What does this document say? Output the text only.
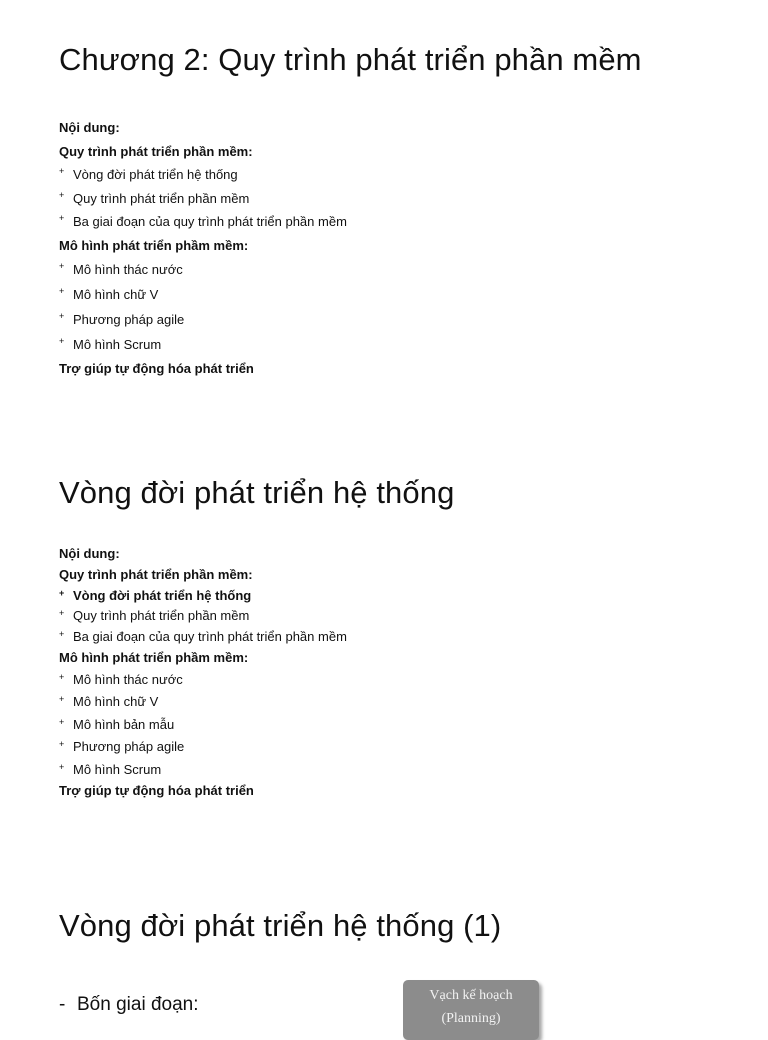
Chương 2: Quy trình phát triển phần mềm
Nội dung:
Quy trình phát triển phần mềm:
+ Vòng đời phát triển hệ thống
+ Quy trình phát triển phần mềm
+ Ba giai đoạn của quy trình phát triển phần mềm
Mô hình phát triển phầm mềm:
+ Mô hình thác nước
+ Mô hình chữ V
+ Phương pháp agile
+ Mô hình Scrum
Trợ giúp tự động hóa phát triển
Vòng đời phát triển hệ thống
Nội dung:
Quy trình phát triển phần mềm:
+ Vòng đời phát triển hệ thống
+ Quy trình phát triển phần mềm
+ Ba giai đoạn của quy trình phát triển phần mềm
Mô hình phát triển phầm mềm:
+ Mô hình thác nước
+ Mô hình chữ V
+ Mô hình bản mẫu
+ Phương pháp agile
+ Mô hình Scrum
Trợ giúp tự động hóa phát triển
Vòng đời phát triển hệ thống (1)
- Bốn giai đoạn:	Vạch kế hoạch
(Planning)
